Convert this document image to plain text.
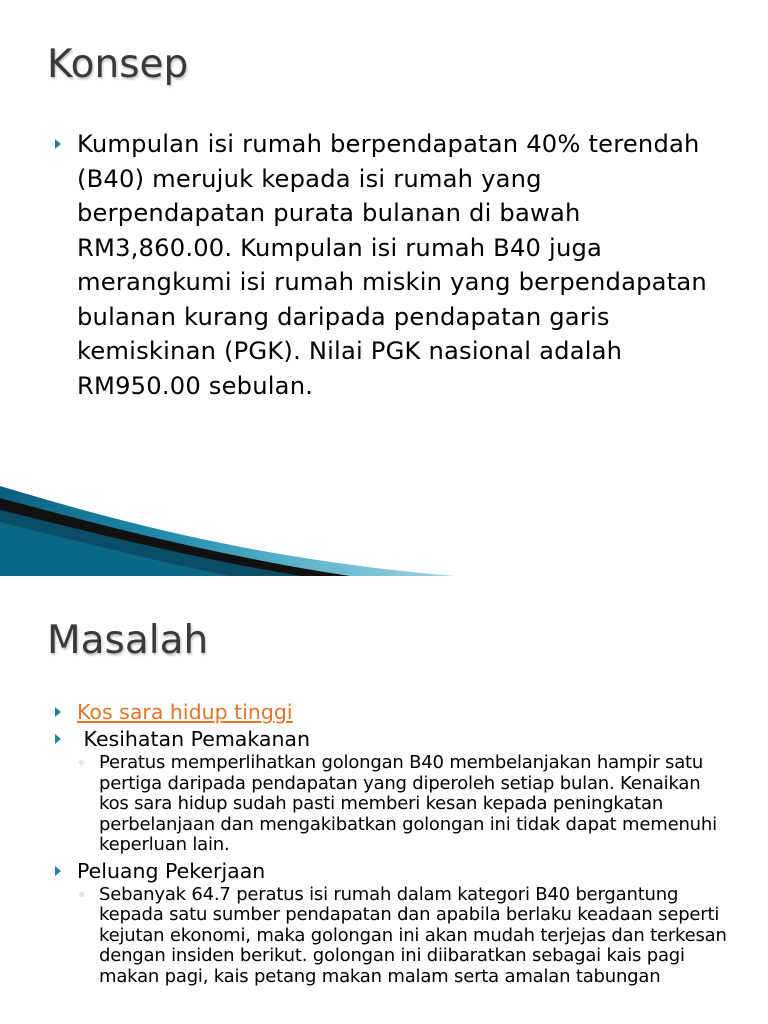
Konsep
Kumpulan isi rumah berpendapatan 40% terendah (B40) merujuk kepada isi rumah yang berpendapatan purata bulanan di bawah RM3,860.00. Kumpulan isi rumah B40 juga merangkumi isi rumah miskin yang berpendapatan bulanan kurang daripada pendapatan garis kemiskinan (PGK). Nilai PGK nasional adalah RM950.00 sebulan.
Masalah
Kos sara hidup tinggi
Kesihatan Pemakanan
◦ Peratus memperlihatkan golongan B40 membelanjakan hampir satu pertiga daripada pendapatan yang diperoleh setiap bulan. Kenaikan kos sara hidup sudah pasti memberi kesan kepada peningkatan perbelanjaan dan mengakibatkan golongan ini tidak dapat memenuhi keperluan lain.
Peluang Pekerjaan
◦ Sebanyak 64.7 peratus isi rumah dalam kategori B40 bergantung kepada satu sumber pendapatan dan apabila berlaku keadaan seperti kejutan ekonomi, maka golongan ini akan mudah terjejas dan terkesan dengan insiden berikut. golongan ini diibaratkan sebagai kais pagi makan pagi, kais petang makan malam serta amalan tabungan
